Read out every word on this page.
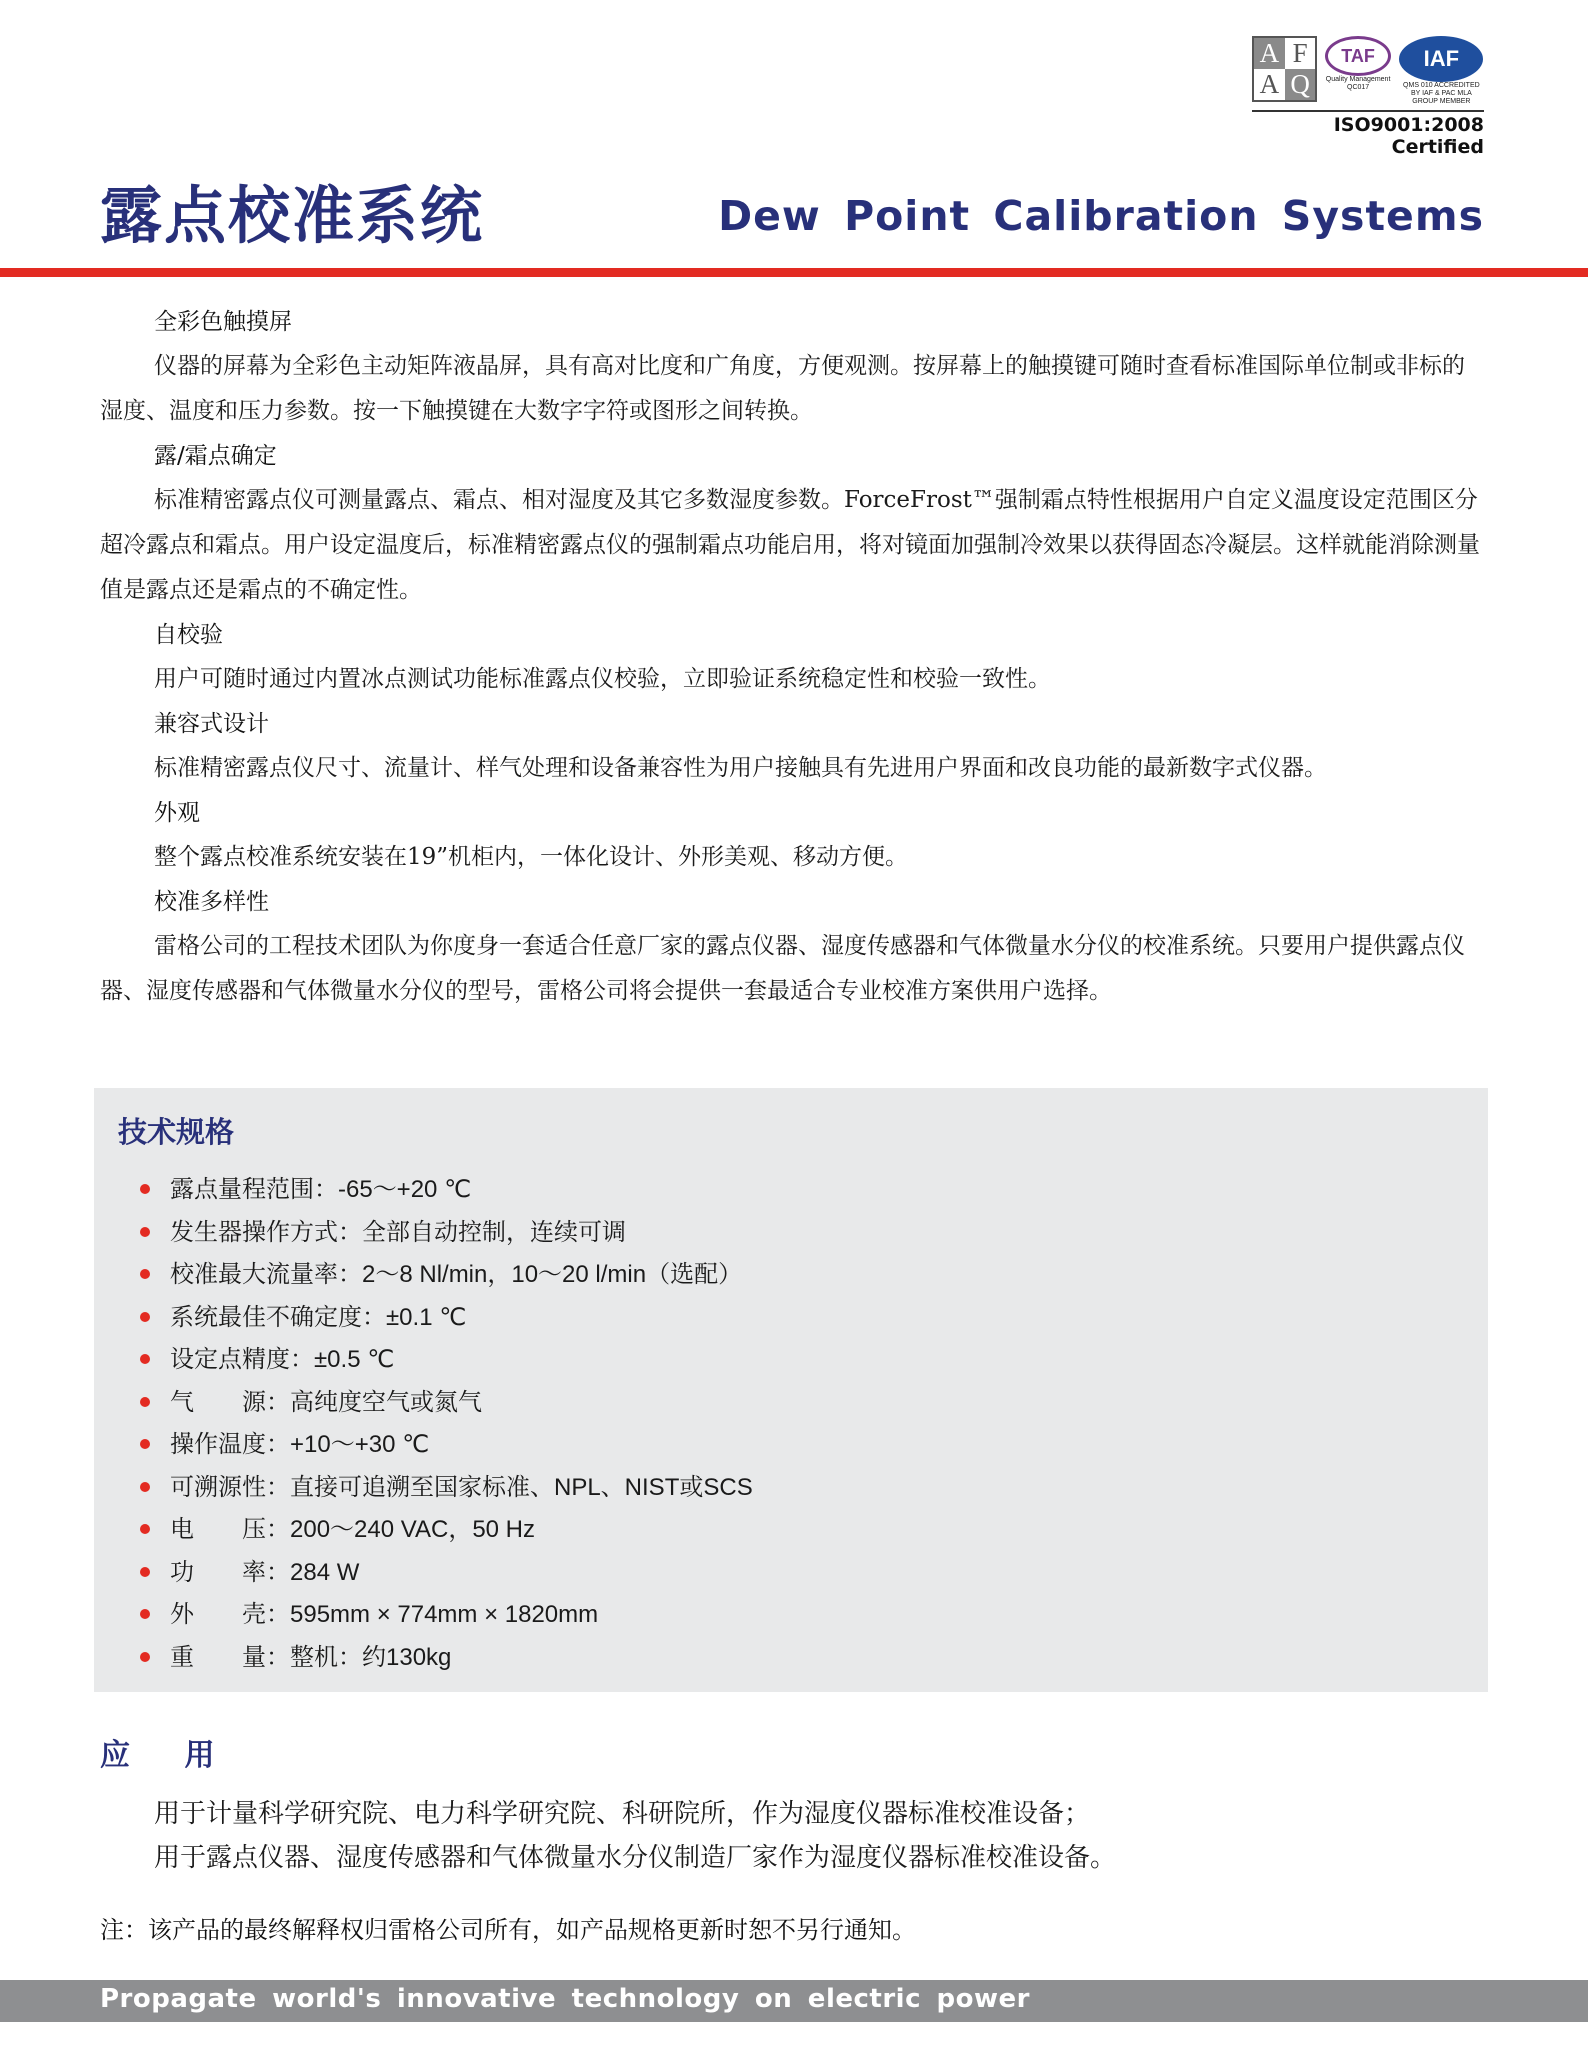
A F
A Q
TAF
Quality Management QC017
IAF
QMS 010 ACCREDITED BY IAF & PAC MLA GROUP MEMBER
ISO9001:2008 Certified
露点校准系统	Dew Point Calibration Systems

全彩色触摸屏

仪器的屏幕为全彩色主动矩阵液晶屏，具有高对比度和广角度，方便观测。按屏幕上的触摸键可随时查看标准国际单位制或非标的湿度、温度和压力参数。按一下触摸键在大数字字符或图形之间转换。

露/霜点确定

标准精密露点仪可测量露点、霜点、相对湿度及其它多数湿度参数。ForceFrost™强制霜点特性根据用户自定义温度设定范围区分超冷露点和霜点。用户设定温度后，标准精密露点仪的强制霜点功能启用，将对镜面加强制冷效果以获得固态冷凝层。这样就能消除测量值是露点还是霜点的不确定性。

自校验

用户可随时通过内置冰点测试功能标准露点仪校验，立即验证系统稳定性和校验一致性。

兼容式设计

标准精密露点仪尺寸、流量计、样气处理和设备兼容性为用户接触具有先进用户界面和改良功能的最新数字式仪器。

外观

整个露点校准系统安装在19”机柜内，一体化设计、外形美观、移动方便。

校准多样性

雷格公司的工程技术团队为你度身一套适合任意厂家的露点仪器、湿度传感器和气体微量水分仪的校准系统。只要用户提供露点仪器、湿度传感器和气体微量水分仪的型号，雷格公司将会提供一套最适合专业校准方案供用户选择。

技术规格
露点量程范围：-65～+20 ℃
发生器操作方式：全部自动控制，连续可调
校准最大流量率：2～8 Nl/min，10～20 l/min（选配）
系统最佳不确定度：±0.1 ℃
设定点精度：±0.5 ℃
气　　源：高纯度空气或氮气
操作温度：+10～+30 ℃
可溯源性：直接可追溯至国家标准、NPL、NIST或SCS
电　　压：200～240 VAC，50 Hz
功　　率：284 W
外　　壳：595mm × 774mm × 1820mm
重　　量：整机：约130kg
应 用

用于计量科学研究院、电力科学研究院、科研院所，作为湿度仪器标准校准设备；

用于露点仪器、湿度传感器和气体微量水分仪制造厂家作为湿度仪器标准校准设备。

注：该产品的最终解释权归雷格公司所有，如产品规格更新时恕不另行通知。

Propagate world's innovative technology on electric power
